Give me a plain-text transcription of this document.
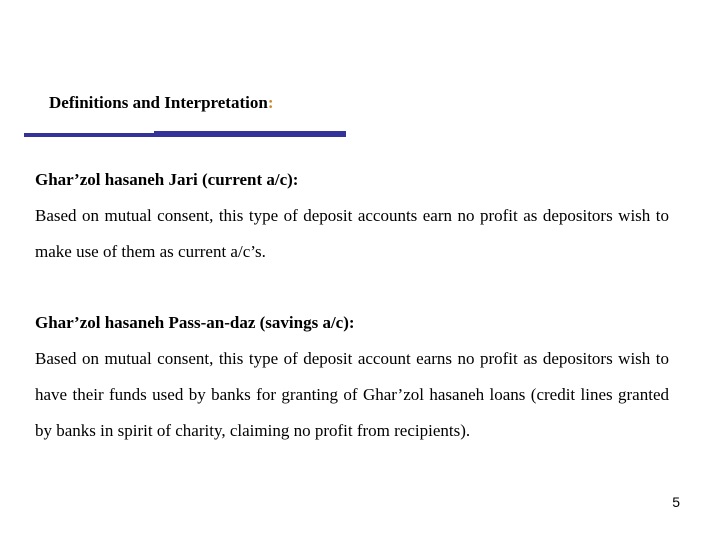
Definitions and Interpretation:
Ghar’zol hasaneh Jari (current a/c):

Based on mutual consent, this type of deposit accounts earn no profit as depositors wish to make use of them as current a/c’s.

Ghar’zol hasaneh Pass-an-daz (savings a/c):

Based on mutual consent, this type of deposit account earns no profit as depositors wish to have their funds used by banks for granting of Ghar’zol hasaneh loans (credit lines granted by banks in spirit of charity, claiming no profit from recipients).

5
